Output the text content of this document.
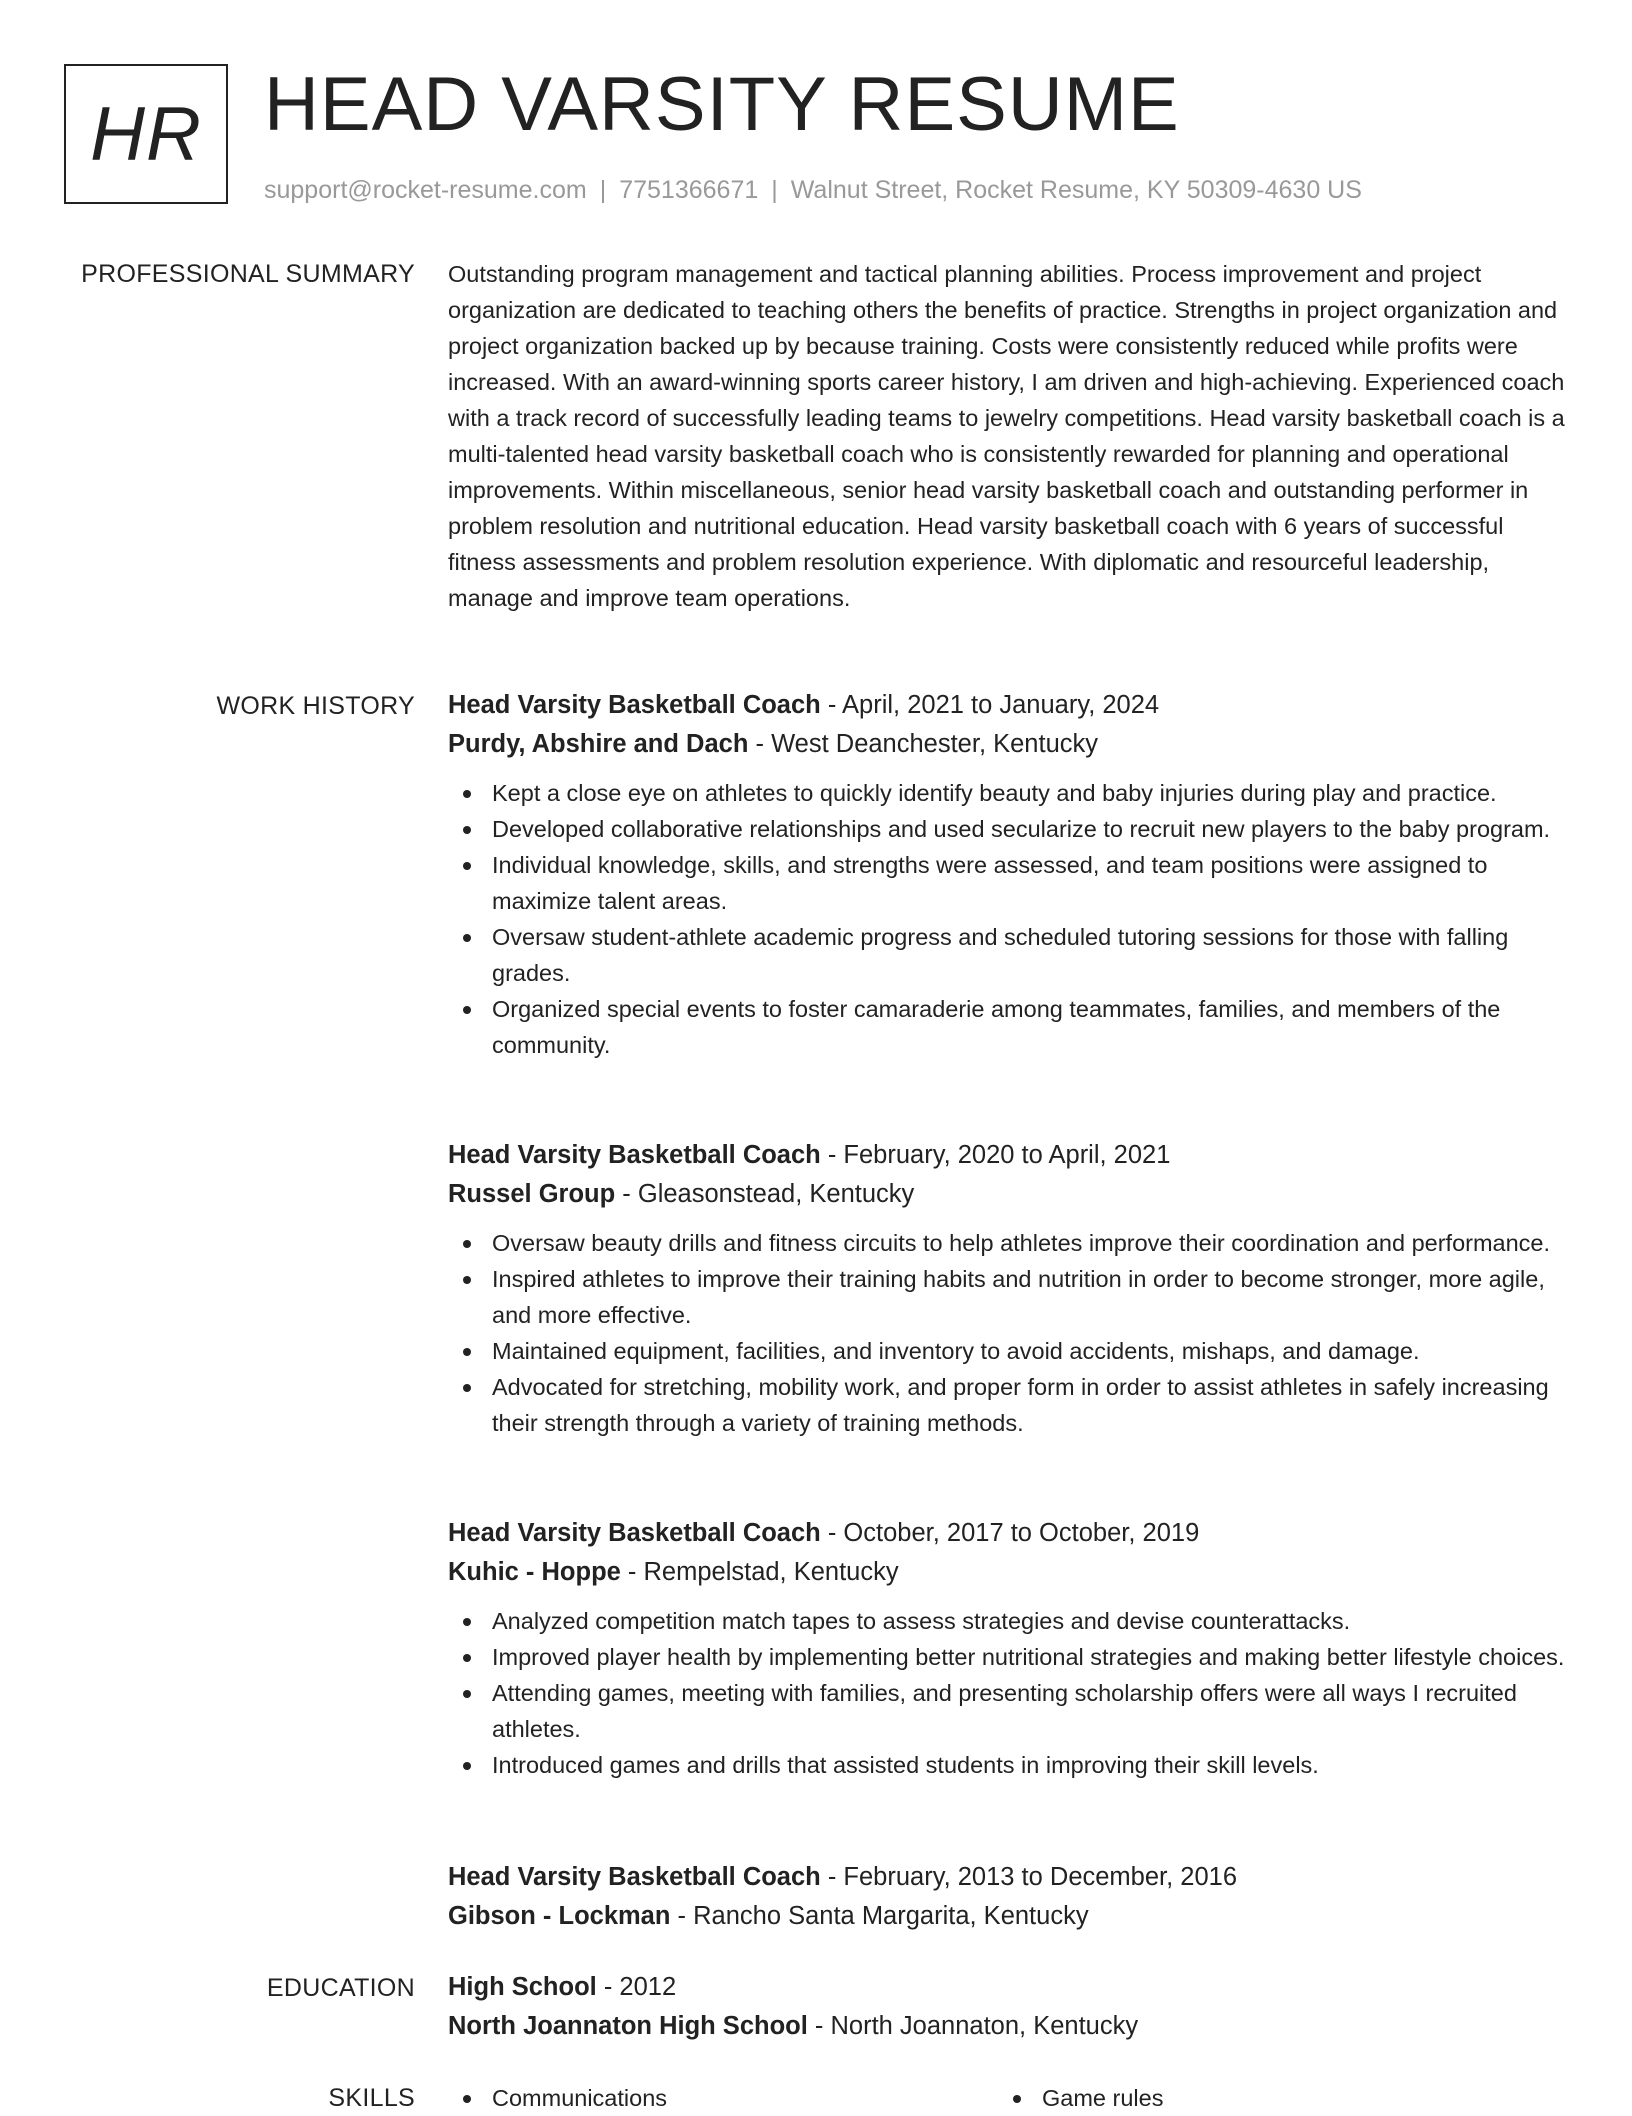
HR HEAD VARSITY RESUME
support@rocket-resume.com | 7751366671 | Walnut Street, Rocket Resume, KY 50309-4630 US
PROFESSIONAL SUMMARY Outstanding program management and tactical planning abilities. Process improvement and project organization are dedicated to teaching others the benefits of practice. Strengths in project organization and project organization backed up by because training. Costs were consistently reduced while profits were increased. With an award-winning sports career history, I am driven and high-achieving. Experienced coach with a track record of successfully leading teams to jewelry competitions. Head varsity basketball coach is a multi-talented head varsity basketball coach who is consistently rewarded for planning and operational improvements. Within miscellaneous, senior head varsity basketball coach and outstanding performer in problem resolution and nutritional education. Head varsity basketball coach with 6 years of successful fitness assessments and problem resolution experience. With diplomatic and resourceful leadership, manage and improve team operations.

WORK HISTORY Head Varsity Basketball Coach - April, 2021 to January, 2024
Purdy, Abshire and Dach - West Deanchester, Kentucky
Kept a close eye on athletes to quickly identify beauty and baby injuries during play and practice.
Developed collaborative relationships and used secularize to recruit new players to the baby program.
Individual knowledge, skills, and strengths were assessed, and team positions were assigned to maximize talent areas.
Oversaw student-athlete academic progress and scheduled tutoring sessions for those with falling grades.
Organized special events to foster camaraderie among teammates, families, and members of the community.
Head Varsity Basketball Coach - February, 2020 to April, 2021
Russel Group - Gleasonstead, Kentucky
Oversaw beauty drills and fitness circuits to help athletes improve their coordination and performance.
Inspired athletes to improve their training habits and nutrition in order to become stronger, more agile, and more effective.
Maintained equipment, facilities, and inventory to avoid accidents, mishaps, and damage.
Advocated for stretching, mobility work, and proper form in order to assist athletes in safely increasing their strength through a variety of training methods.
Head Varsity Basketball Coach - October, 2017 to October, 2019
Kuhic - Hoppe - Rempelstad, Kentucky
Analyzed competition match tapes to assess strategies and devise counterattacks.
Improved player health by implementing better nutritional strategies and making better lifestyle choices.
Attending games, meeting with families, and presenting scholarship offers were all ways I recruited athletes.
Introduced games and drills that assisted students in improving their skill levels.
Head Varsity Basketball Coach - February, 2013 to December, 2016
Gibson - Lockman - Rancho Santa Margarita, Kentucky
EDUCATION High School - 2012
North Joannaton High School - North Joannaton, Kentucky
SKILLS	Communications	Game rules
